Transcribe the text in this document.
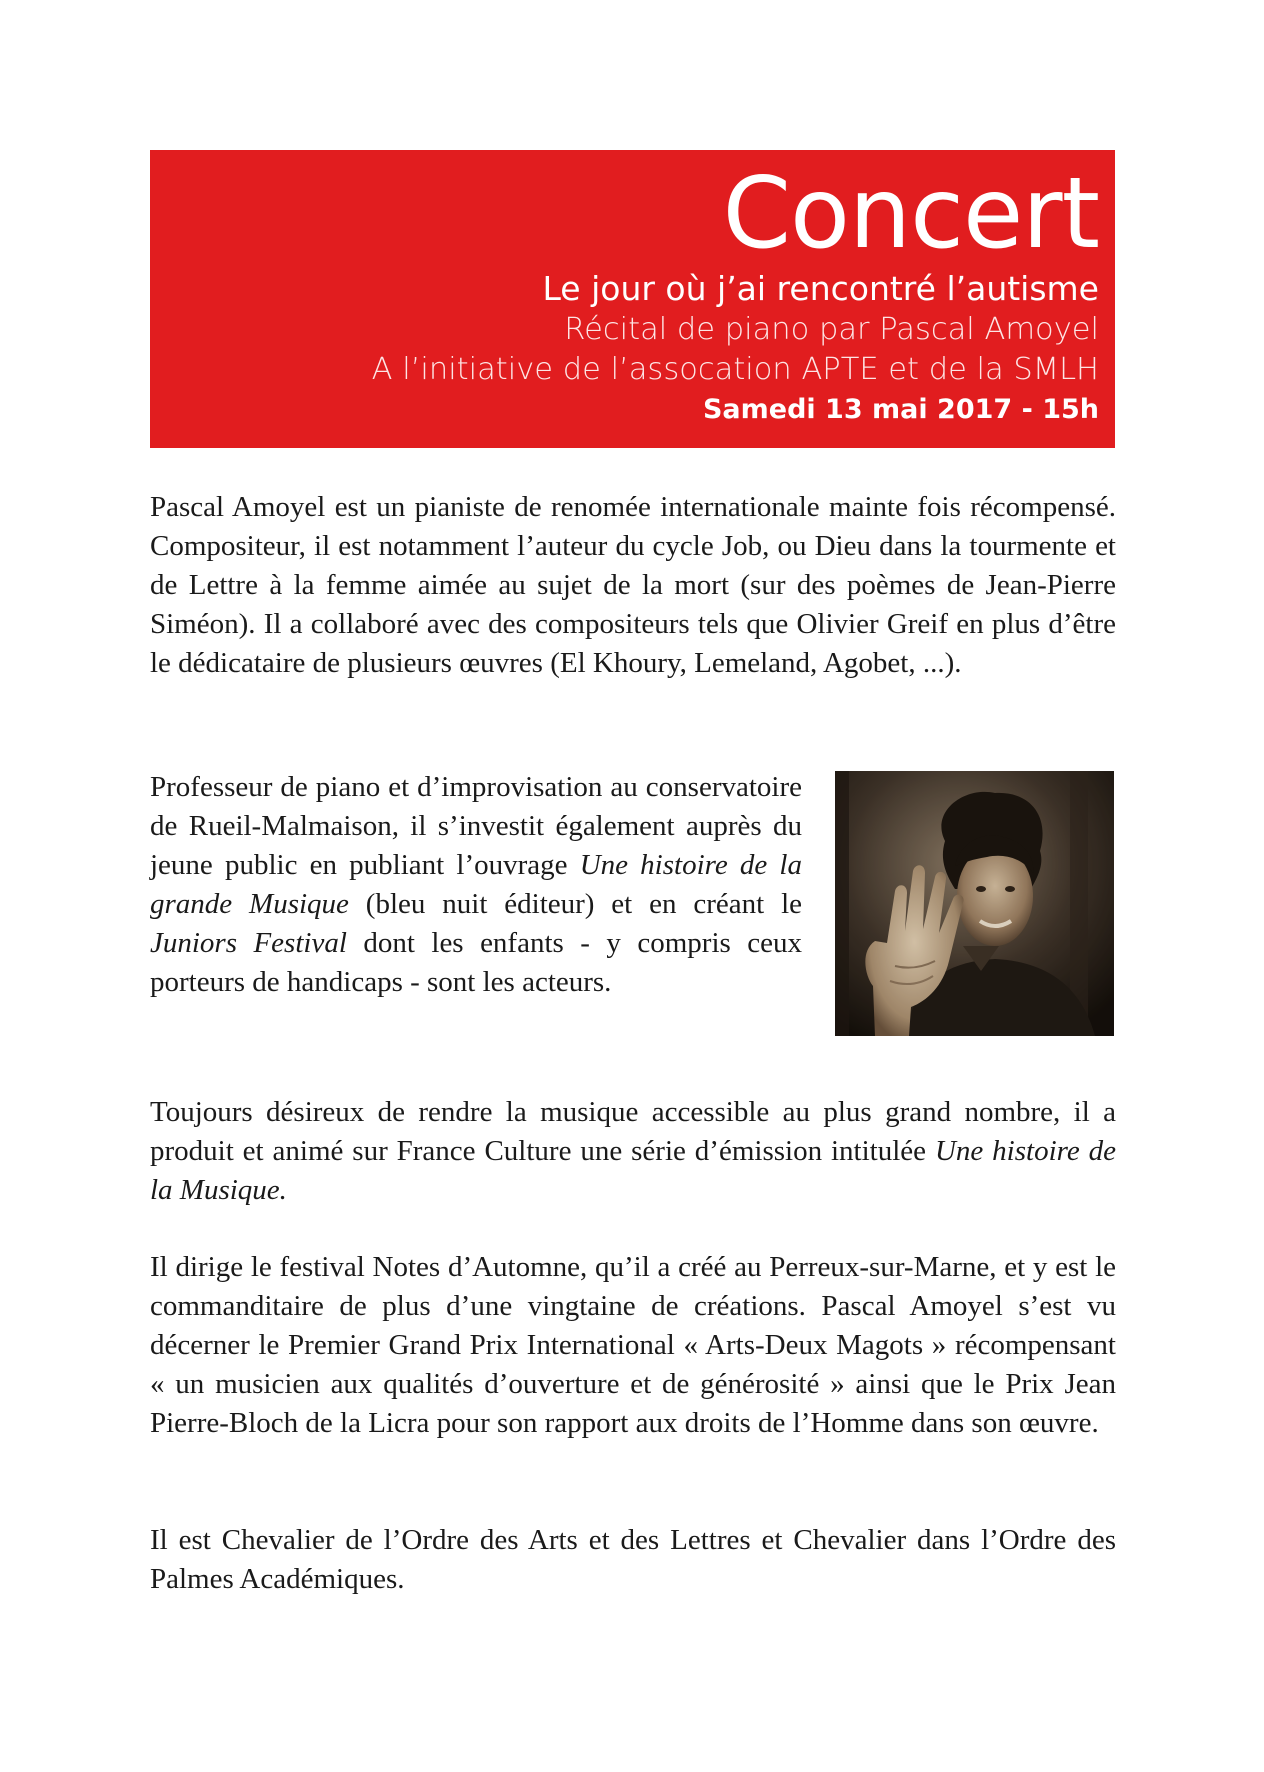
Concert
Le jour où j’ai rencontré l’autisme
Récital de piano par Pascal Amoyel
A l’initiative de l’assocation APTE et de la SMLH
Samedi 13 mai 2017 - 15h

Pascal Amoyel est un pianiste de renomée internationale mainte fois récompensé. Compositeur, il est notamment l’auteur du cycle Job, ou Dieu dans la tourmente et de Lettre à la femme aimée au sujet de la mort (sur des poèmes de Jean-Pierre Siméon). Il a collaboré avec des compositeurs tels que Olivier Greif en plus d’être le dédicataire de plusieurs œuvres (El Khoury, Lemeland, Agobet, ...).

Professeur de piano et d’improvisation au conservatoire de Rueil-Malmaison, il s’investit également auprès du jeune public en publiant l’ouvrage Une histoire de la grande Musique (bleu nuit éditeur) et en créant le Juniors Festival dont les enfants - y compris ceux porteurs de handicaps - sont les acteurs.

Toujours désireux de rendre la musique accessible au plus grand nombre, il a produit et animé sur France Culture une série d’émission intitulée Une histoire de la Musique.

Il dirige le festival Notes d’Automne, qu’il a créé au Perreux-sur-Marne, et y est le commanditaire de plus d’une vingtaine de créations. Pascal Amoyel s’est vu décerner le Premier Grand Prix International « Arts-Deux Magots » récompensant « un musicien aux qualités d’ouverture et de générosité » ainsi que le Prix Jean Pierre-Bloch de la Licra pour son rapport aux droits de l’Homme dans son œuvre.

Il est Chevalier de l’Ordre des Arts et des Lettres et Chevalier dans l’Ordre des Palmes Académiques.
